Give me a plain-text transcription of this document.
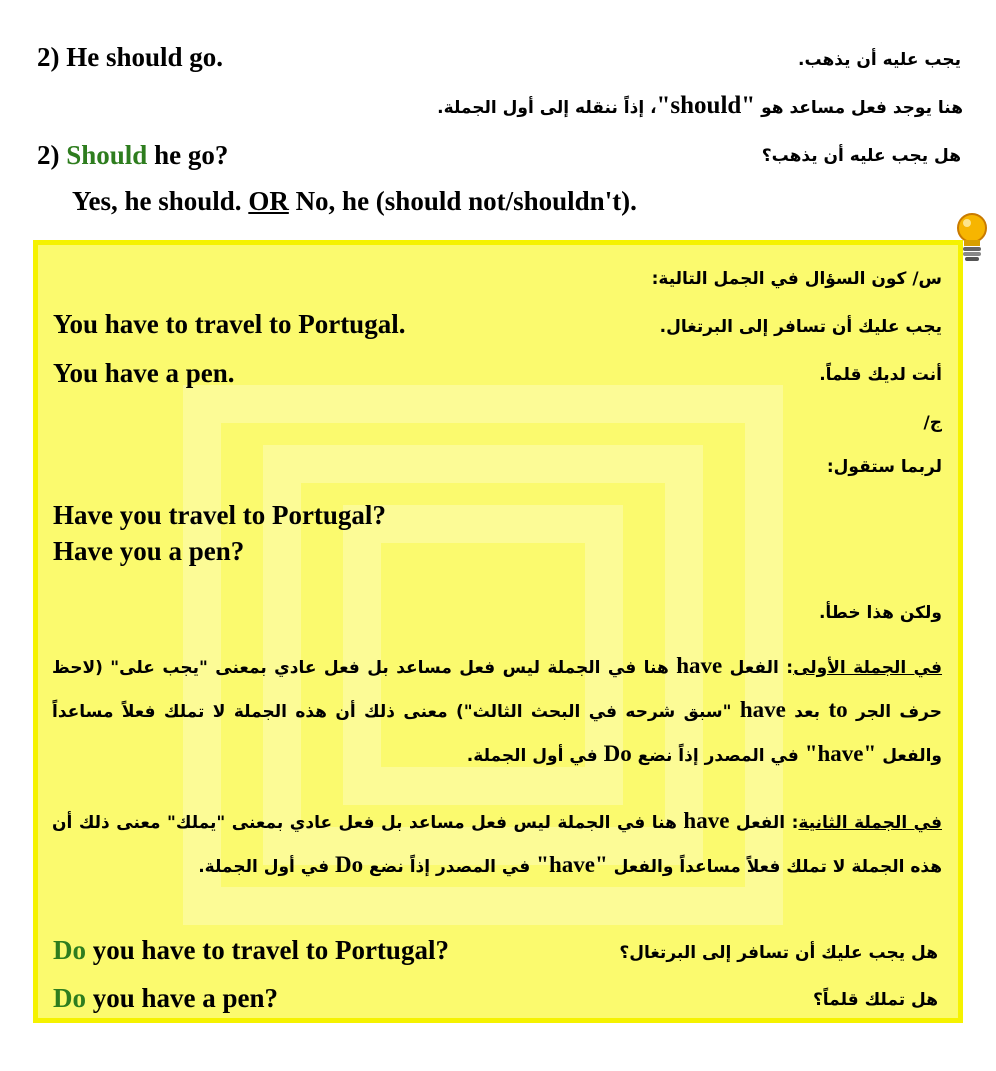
2) He should go.	يجب عليه أن يذهب.
هنا يوجد فعل مساعد هو "should"، إذاً ننقله إلى أول الجملة.
2) Should he go?	هل يجب عليه أن يذهب؟
Yes, he should. OR No, he (should not/shouldn't).
س/ كون السؤال في الجمل التالية:
You have to travel to Portugal.	يجب عليك أن تسافر إلى البرتغال.
You have a pen.	أنت لديك قلماً.
ج/
لربما ستقول:
Have you travel to Portugal?
Have you a pen?
ولكن هذا خطأ.
في الجملة الأولى: الفعل have هنا في الجملة ليس فعل مساعد بل فعل عادي بمعنى "يجب على" (لاحظ حرف الجر to بعد have "سبق شرحه في البحث الثالث") معنى ذلك أن هذه الجملة لا تملك فعلاً مساعداً والفعل "have" في المصدر إذاً نضع Do في أول الجملة.
في الجملة الثانية: الفعل have هنا في الجملة ليس فعل مساعد بل فعل عادي بمعنى "يملك" معنى ذلك أن هذه الجملة لا تملك فعلاً مساعداً والفعل "have" في المصدر إذاً نضع Do في أول الجملة.
Do you have to travel to Portugal?	هل يجب عليك أن تسافر إلى البرتغال؟
Do you have a pen?	هل تملك قلماً؟
